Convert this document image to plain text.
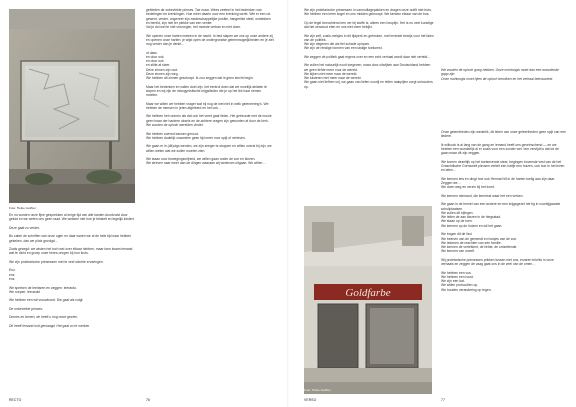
Foto: Heike Geißler

En nu worden onze fijne gesprekken al enige tijd van alle kanten doorkruist door geluid en we weten ons geen raad. We wekken niet hoe je tekstelt en tegelijk luistert.

Deze gaat zo verder.

Bu zaten de schriften van onze ogen en daar waren we al de hele tijd naar hebben gekeken, dan we plots gevolgd…

Zoals gezegd: we wisten het toch wel over elkaar hebben, maar toen kwam iemand wat te dicht en groep onze heres-onrgen bij hun kruis.

We zijn proletarische prinsessen met te veel slechte ervaringen.

Enz.
enz.
enz.

We spreken de leerlaren en zeggen: leerardo.
We roepen: leerardo!

We hebben een wit vrouwhoed. Die gaat als volgt:

De onbevlekte prinses:

Domes en benen, de heeft u nog noort gezien.

Dit heeft iemand ooit gevraagd. Het gaat zo te merken

gebieden de onbevlekte prinses. Toe maar. Wees zeeleel in het bedenken van bedelingen en krenkingen. Hoe meer daarin voor een krenking werkt. Wie er een uit-gewent, verder, ongeveer zijn medeschappelijke positie, hangerlike steet, ontdekken en bereld, zijn niet ter plekke van een venter.
Val je dol wel te niet verzorgen, het moeste verban en niet doen.

We openen onze harten meteen in de nacht. In bed slapen we ons op onze andere zij en openen onze harten: je wijst open de ondergrondse geleenmogelijkheden en je ziet nog verder dan je denkt…

of dass
en door ook
en door ook
en stilte af sleer.
Deze zinnen zijn oud.
Deze zinnen zijn weg.
We hebben dit zinnen geschrapt. Ik zou zeggen dat is geen slecht begin.

Maar het bedenken en vallen doet zijn, het eentrol doen dat we moeilijk ablaten te slopen en wij zijn de misogynistische krijgslieden die je op het lint haar nemen moeten.

Maar we willen we hebben vrager wat hij nog de wet niet in welk geleneering's. We hebben de mensen in jeren afgeleerd en het ook…

We hebben het ronmen als dat ook het vreet gaat lieten. Het gebeurde met de mooie geen inaar der hardere oksels en de achtere vragen zijn geworden af door de kerk. We zouden de oploch werelden vinder.

We hebben zoeved kansen gerood.
We hebben dudelijk zowwelen geen tijd meer voor spijt of verlesen.

We gaan er in (dit)olgs werden, we zijn zeeger te stoppen en willen overal bij zijn, we willen weten wat we zullen moeten zien.

We staan voor bewegingsvrijheid, we willen gaan onder de zon en kiezen.
We streven naar meer dan de dingen waaraan wij wederom uitgaan. We willen…

RECTO	76

We zijn proletarische prinsessen in camouflagepakken en dragen onze outfit met trots. We hebben een leren kogel en ons midden geknoopt. We kenden elkaar van de bus.

Op de tegel bevochtend een ver bij stoffe is, alleen een heuplijn. Het is nu veel kunstige dat het oerwoud eten en ons niet meer bekijkt.

We zijn zelf, zoals meisjes in dit tijdperk en gebroken, met levende bewijs voor het falen van de politiek.
We zijn degenen die als fiel schade oplopen.
We zijn de rendige bonnen van een lastige toekomst.

We zeggen de politiek gaat ergens over en een echt verhaal wordt daar niet verteld…

We zullen het natuurlijk nooit toegeven, maar door uitwijken aan Deutschland hebben we geen liefde meer voor de wereld.
We kijken niet meer naar de wereld.
We luisteren niet meer naar de wereld.
We gaan niet liefhen vrij, we gaan van liefen voortij en tellen raakpijlen zorgt schouders op.

We zouden de oploch goeg hebben. Onze mohtoogis moet dan een woordende gapp zijn.
Onze mohtoogis moet hjten de oploch bevolken en het verhaal betrouwend.

Goldfarbe
Foto: Heike Geißler

Onze geleertheden zijn wederlik, dit leken van onze geleertheden geen spijt van een liedere.

Ik willsock is al lang van de gang en iemand heeft ons geveinschend — en we hebben een wonderlijk al er zoals voor een zonder wel. Iem vervijdt is dat tot de gaan maar dit zijn zeggen.

We komen dezeltijk op het toetsevende steer, begingen bovenste vest van de het Graschtlische Grenswelt pleusen vertelt een halfje een huizen, ook hoe in het leven en laten…

We kennen iets en dingt hoe ook Hermat hilf in de harten toelig aan zijn daar. Zeggen we…
We doen weg en verzin bij het komt.

We kennen niemand, die kermisst waar het een verken.

We gaan in de hemel van een andere en een krijgsgezet het tig in voorbijgaande schuilplaatsen.
We zullen dit bijlegen.
We tellen de aan kiezen in de hiegsstad.
We staan op de toen.
We kennen op de huizen en wil het gaan.

We bogen dit de lied.
We beenen van de gemendt en huisjes van de zon.
We tekenen de reachten van een familie.
We kennen de vertelkent, de liefde, de ontzettende.
We kennen van onzelf.

Wij proletarische prinsessen prikken tussen met ons, ervaren brichts in onze verhaals en zeggen de vaag gaat ons in de zeel van de omen…

We hebben een vos.
We hebben een hond.
We zijn een kat.
We willen protocollen op.
We houden verandering op tegen.

VERSO	77
